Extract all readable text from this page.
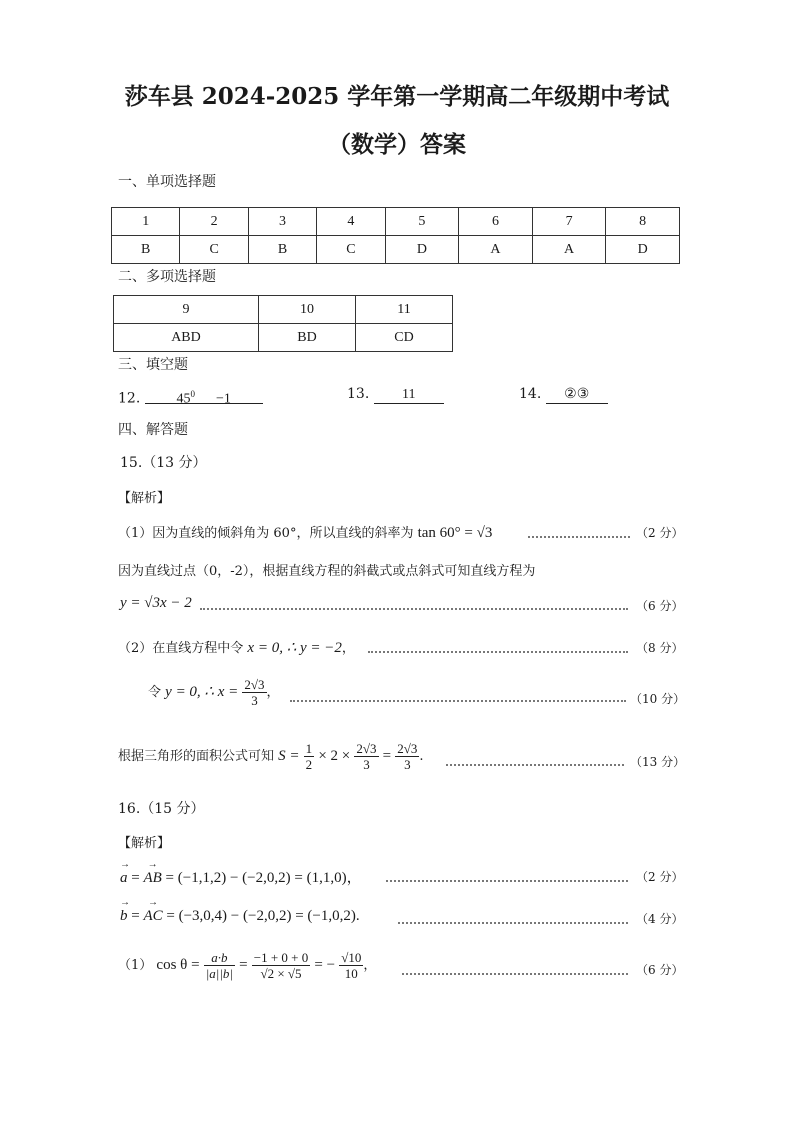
莎车县 2024-2025 学年第一学期高二年级期中考试
（数学）答案
一、单项选择题
1	2	3	4	5	6	7	8
B	C	B	C	D	A	A	D
二、多项选择题
9	10	11
ABD	BD	CD
三、填空题
12.	$45^0 -1$	13. 11	14. ②③
四、解答题
15.（13 分）
【解析】
（1）因为直线的倾斜角为 60°，所以直线的斜率为 tan 60° = √3	（2 分）
因为直线过点（0，-2），根据直线方程的斜截式或点斜式可知直线方程为
y = √3x − 2	（6 分）
（2）在直线方程中令 x = 0, ∴ y = −2，	（8 分）
令 y = 0, ∴ $x = \frac{2√3}{3}$ ，	（10 分）
根据三角形的面积公式可知 $S = \frac{1}{2} \times 2 \times \frac{2√3}{3} = \frac{2√3}{3}$ .	（13 分）
16.（15 分）
【解析】
→ a = → AB = (−1,1,2) − (−2,0,2) = (1,1,0)，	（2 分）
→ b = → AC = (−3,0,4) − (−2,0,2) = (−1,0,2).	（4 分）
（1） $\cos \theta = \frac{a\cdot b}{|a||b|} = \frac{-1 + 0 + 0}{√2 \times √5}$ = − $\frac{√10}{10}$ ，	（6 分）
